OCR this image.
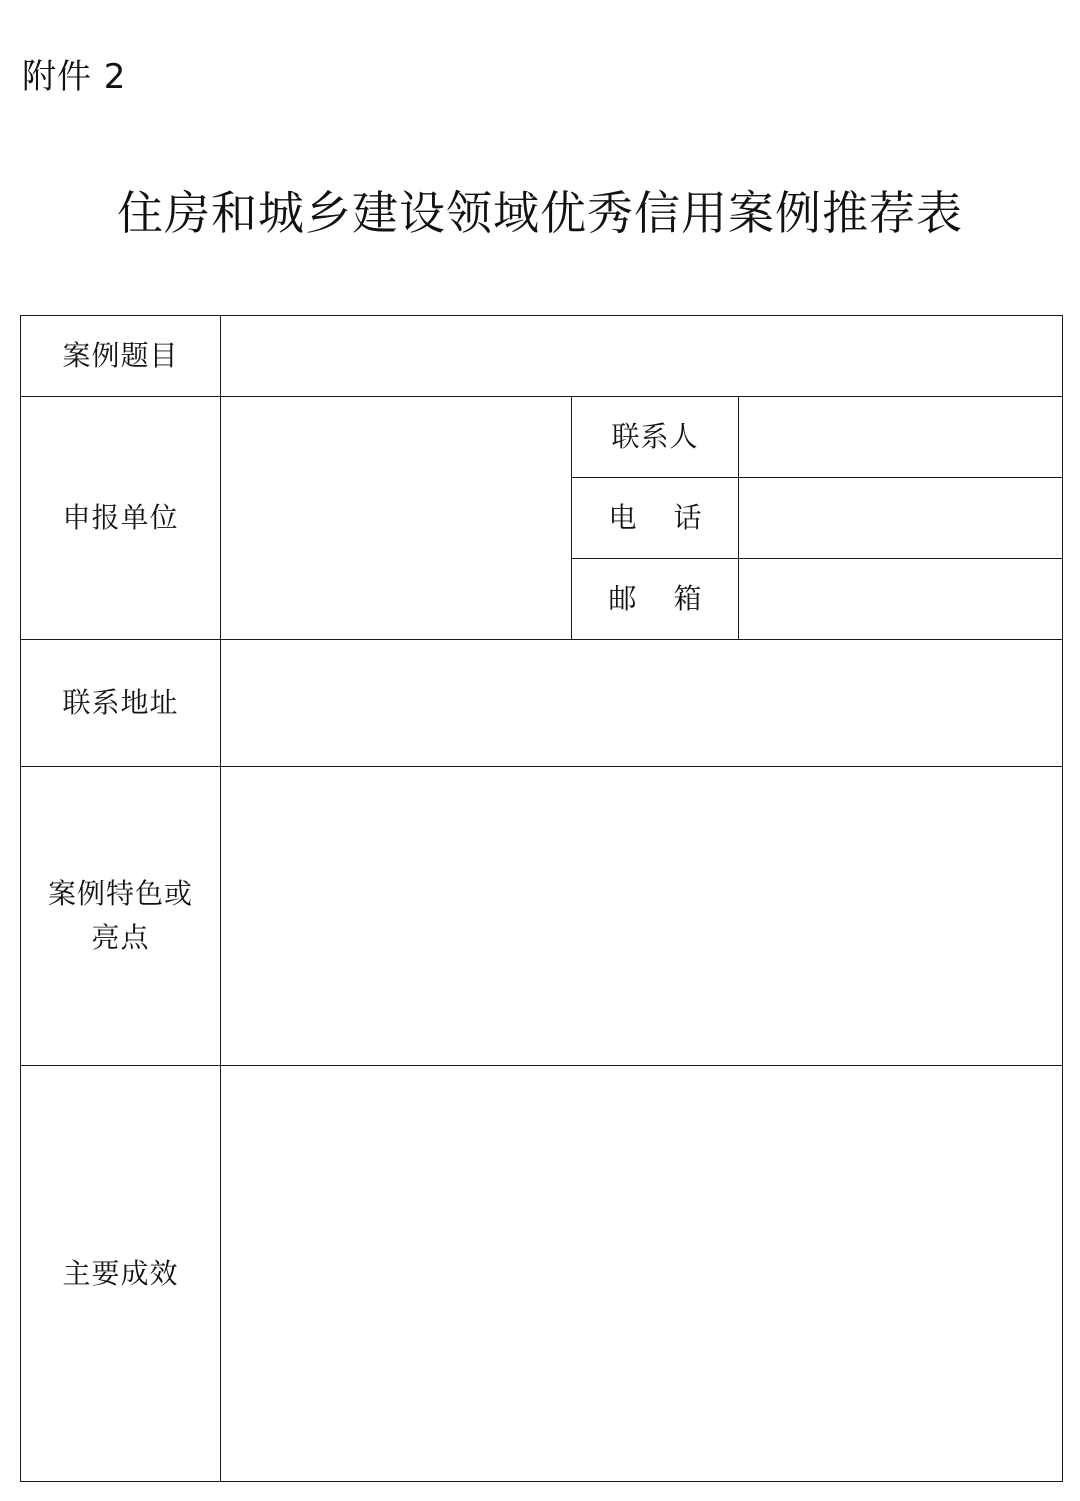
附件 2
住房和城乡建设领域优秀信用案例推荐表
案例题目			
申报单位		联系人	
		电 话	
		邮 箱	
联系地址			
案例特色或亮点			
主要成效			
